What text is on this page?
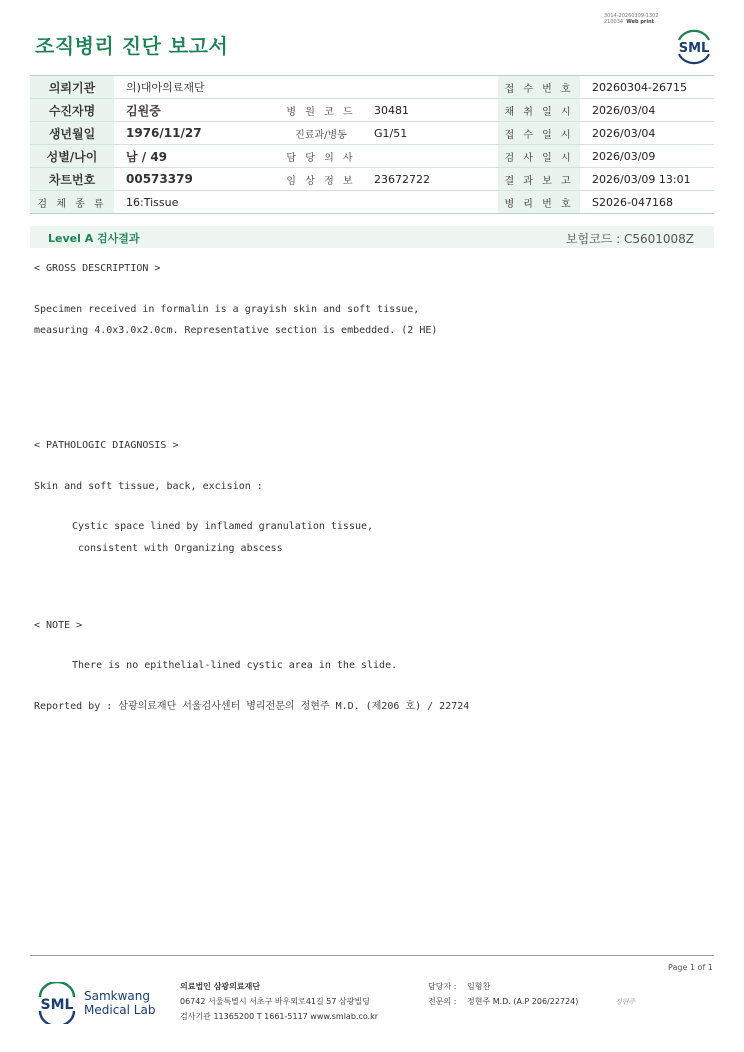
조직병리 진단 보고서
3014-20260309-1302
210034 Web print
SML
의뢰기관	의)대아의료재단			접 수 번 호	20260304-26715
수진자명	김원중	병 원 코 드	30481	채 취 일 시	2026/03/04
생년월일	1976/11/27	진료과/병동	G1/51	접 수 일 시	2026/03/04
성별/나이	남 / 49	담 당 의 사		검 사 일 시	2026/03/09
차트번호	00573379	임 상 정 보	23672722	결 과 보 고	2026/03/09 13:01
검 체 종 류	16:Tissue			병 리 번 호	S2026-047168
Level A 검사결과	보험코드 : C5601008Z
< GROSS DESCRIPTION >
Specimen received in formalin is a grayish skin and soft tissue,
measuring 4.0x3.0x2.0cm. Representative section is embedded. (2 HE)
< PATHOLOGIC DIAGNOSIS >
Skin and soft tissue, back, excision :
Cystic space lined by inflamed granulation tissue,
consistent with Organizing abscess
< NOTE >
There is no epithelial-lined cystic area in the slide.
Reported by : 삼광의료재단 서울검사센터 병리전문의 정현주 M.D. (제206 호) / 22724
Page 1 of 1
SML
Samkwang
Medical Lab
의료법인 삼광의료재단
06742 서울특별시 서초구 바우뫼로41길 57 삼광빌딩
검사기관 11365200 T 1661-5117 www.smlab.co.kr
담당자 : 임형찬
전문의 : 정현주 M.D. (A.P 206/22724)	정현주
